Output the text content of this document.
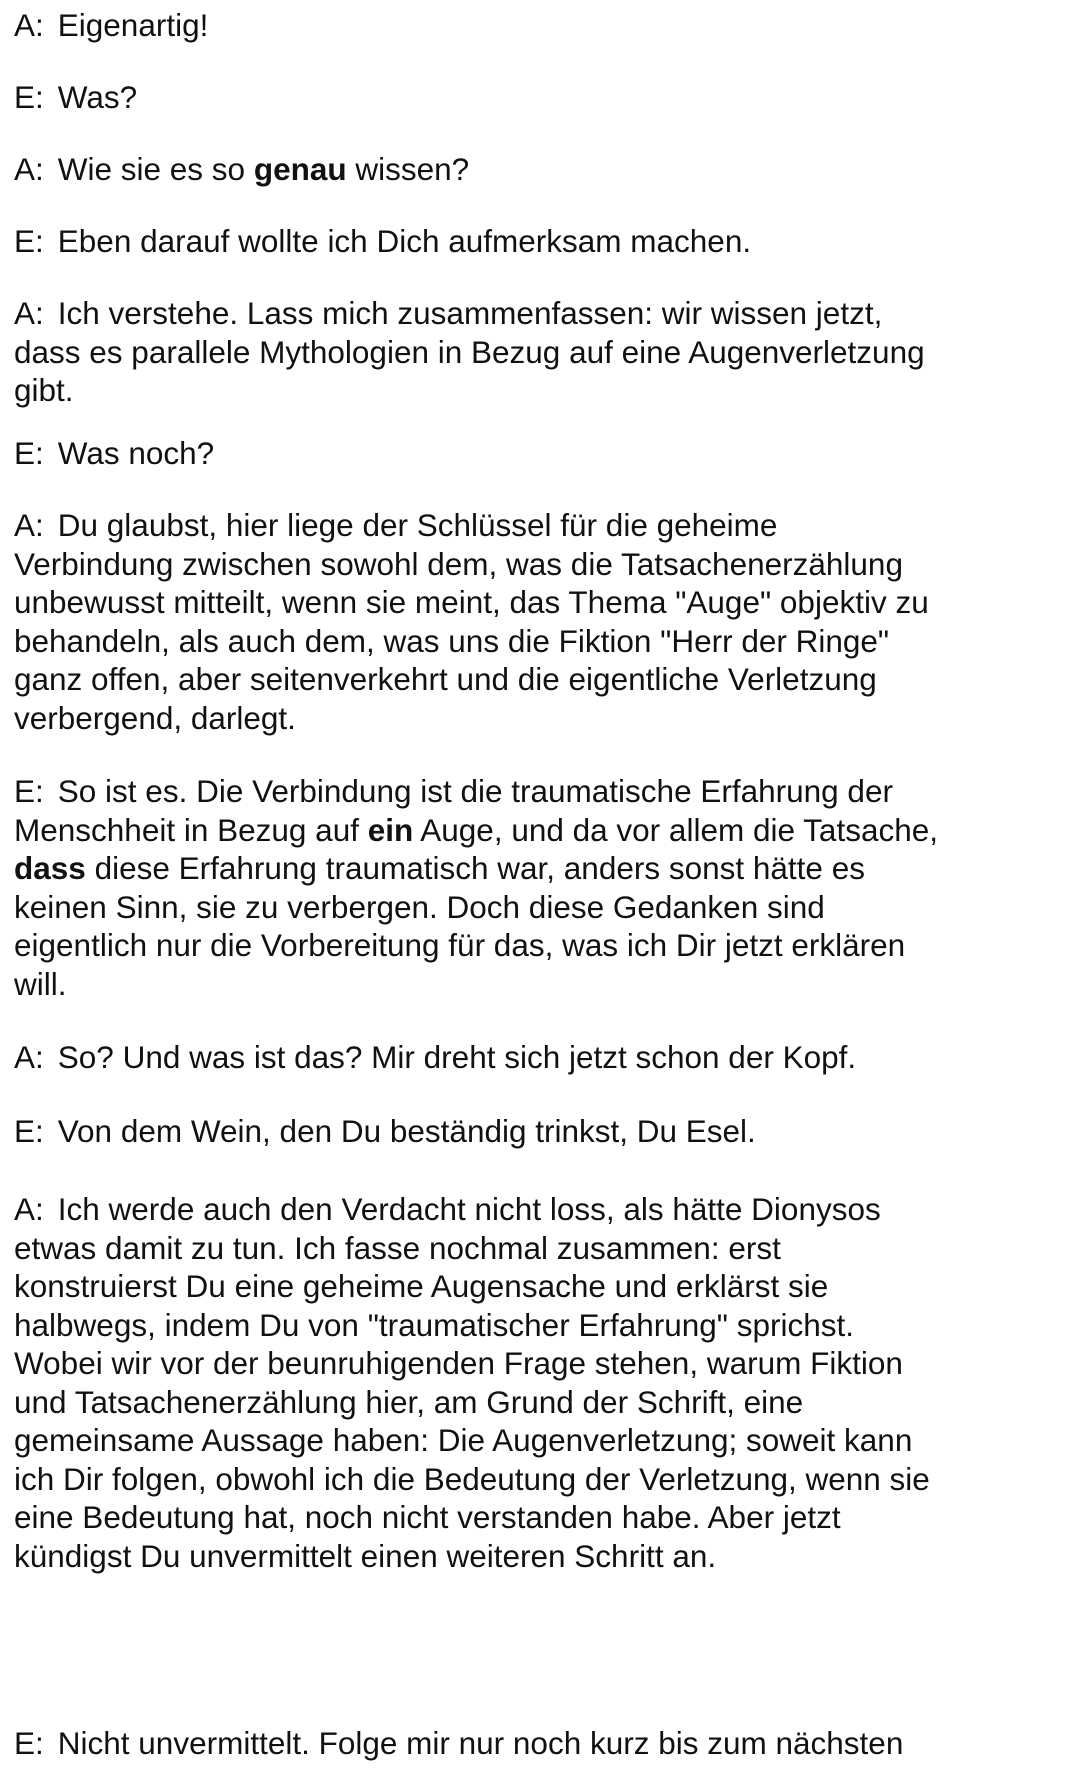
A: Eigenartig!
E: Was?
A: Wie sie es so genau wissen?
E: Eben darauf wollte ich Dich aufmerksam machen.
A: Ich verstehe. Lass mich zusammenfassen: wir wissen jetzt,
dass es parallele Mythologien in Bezug auf eine Augenverletzung
gibt.
E: Was noch?
A: Du glaubst, hier liege der Schlüssel für die geheime
Verbindung zwischen sowohl dem, was die Tatsachenerzählung
unbewusst mitteilt, wenn sie meint, das Thema "Auge" objektiv zu
behandeln, als auch dem, was uns die Fiktion "Herr der Ringe"
ganz offen, aber seitenverkehrt und die eigentliche Verletzung
verbergend, darlegt.
E: So ist es. Die Verbindung ist die traumatische Erfahrung der
Menschheit in Bezug auf ein Auge, und da vor allem die Tatsache,
dass diese Erfahrung traumatisch war, anders sonst hätte es
keinen Sinn, sie zu verbergen. Doch diese Gedanken sind
eigentlich nur die Vorbereitung für das, was ich Dir jetzt erklären
will.
A: So? Und was ist das? Mir dreht sich jetzt schon der Kopf.
E: Von dem Wein, den Du beständig trinkst, Du Esel.
A: Ich werde auch den Verdacht nicht loss, als hätte Dionysos
etwas damit zu tun. Ich fasse nochmal zusammen: erst
konstruierst Du eine geheime Augensache und erklärst sie
halbwegs, indem Du von "traumatischer Erfahrung" sprichst.
Wobei wir vor der beunruhigenden Frage stehen, warum Fiktion
und Tatsachenerzählung hier, am Grund der Schrift, eine
gemeinsame Aussage haben: Die Augenverletzung; soweit kann
ich Dir folgen, obwohl ich die Bedeutung der Verletzung, wenn sie
eine Bedeutung hat, noch nicht verstanden habe. Aber jetzt
kündigst Du unvermittelt einen weiteren Schritt an.
E: Nicht unvermittelt. Folge mir nur noch kurz bis zum nächsten
